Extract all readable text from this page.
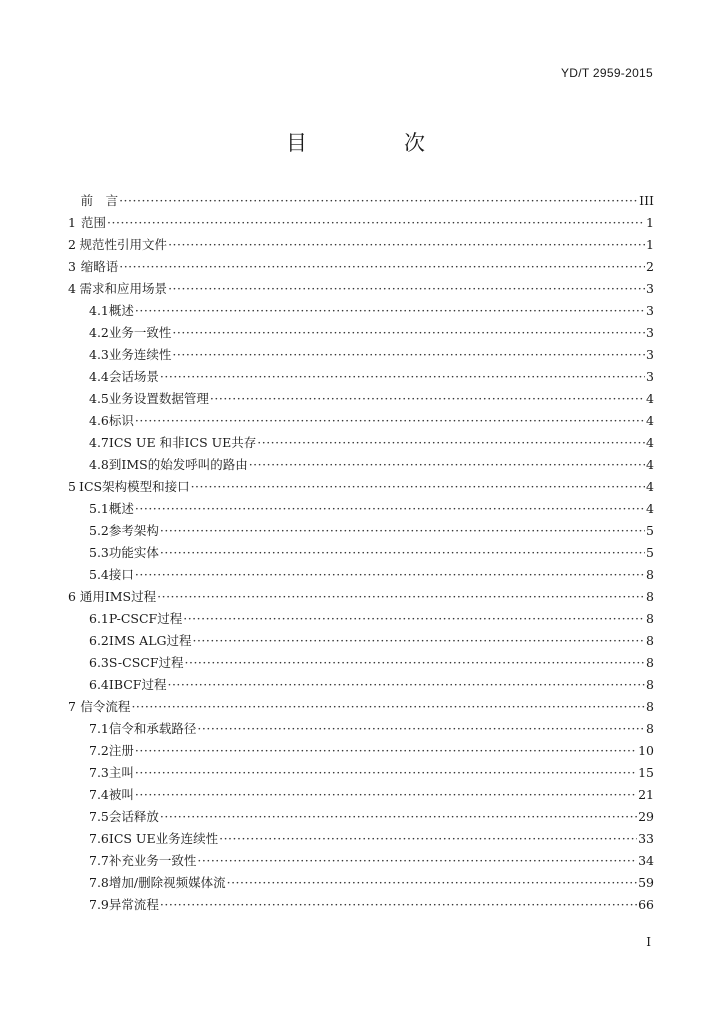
YD/T 2959-2015
目　次
前　言 ·····	III
1 范围 ·····	1
2 规范性引用文件 ·····	1
3 缩略语 ·····	2
4 需求和应用场景 ·····	3
4.1 概述 ·····	3
4.2 业务一致性 ·····	3
4.3 业务连续性 ·····	3
4.4 会话场景 ·····	3
4.5 业务设置数据管理 ·····	4
4.6 标识 ·····	4
4.7 ICS UE 和非ICS UE共存 ·····	4
4.8 到IMS的始发呼叫的路由 ·····	4
5 ICS架构模型和接口 ·····	4
5.1 概述 ·····	4
5.2 参考架构 ·····	5
5.3 功能实体 ·····	5
5.4 接口 ·····	8
6 通用IMS过程 ·····	8
6.1 P-CSCF过程 ·····	8
6.2 IMS ALG过程 ·····	8
6.3 S-CSCF过程 ·····	8
6.4 IBCF过程 ·····	8
7 信令流程 ·····	8
7.1 信令和承载路径 ·····	8
7.2 注册 ·····	10
7.3 主叫 ·····	15
7.4 被叫 ·····	21
7.5 会话释放 ·····	29
7.6 ICS UE业务连续性 ·····	33
7.7 补充业务一致性 ·····	34
7.8 增加/删除视频媒体流 ·····	59
7.9 异常流程 ·····	66
I
